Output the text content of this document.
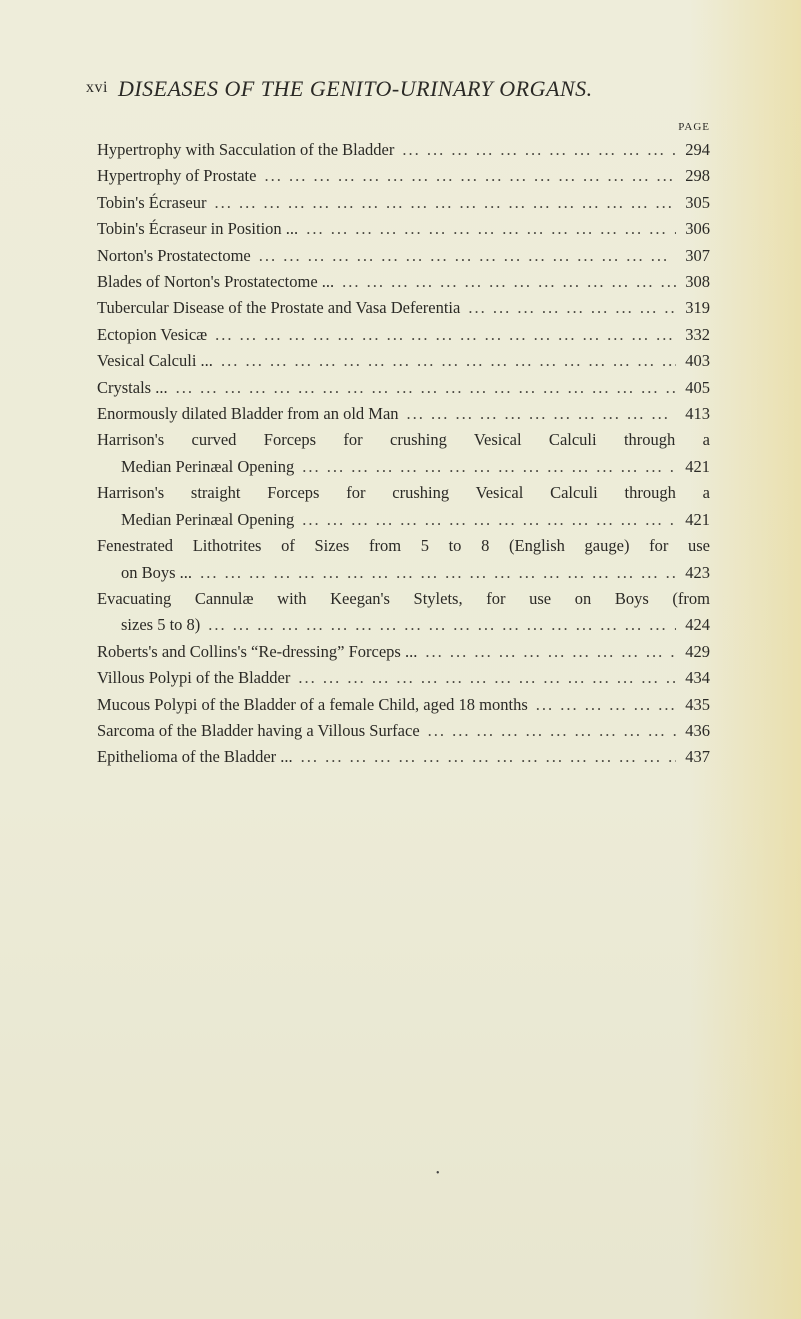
xvi DISEASES OF THE GENITO-URINARY ORGANS.
PAGE
Hypertrophy with Sacculation of the Bladder ... .	294
Hypertrophy of Prostate ... .	298
Tobin's Écraseur ... .	305
Tobin's Écraseur in Position ... ... .	306
Norton's Prostatectome ... .	307
Blades of Norton's Prostatectome ... ... .	308
Tubercular Disease of the Prostate and Vasa Deferentia ... .	319
Ectopion Vesicæ ... .	332
Vesical Calculi ... ... .	403
Crystals ... ... .	405
Enormously dilated Bladder from an old Man ... .	413
Harrison's curved Forceps for crushing Vesical Calculi through a
Median Perinæal Opening ... .	421
Harrison's straight Forceps for crushing Vesical Calculi through a
Median Perinæal Opening ... .	421
Fenestrated Lithotrites of Sizes from 5 to 8 (English gauge) for use
on Boys ... ... .	423
Evacuating Cannulæ with Keegan's Stylets, for use on Boys (from
sizes 5 to 8) ... .	424
Roberts's and Collins's “Re-dressing” Forceps ... ... .	429
Villous Polypi of the Bladder ... .	434
Mucous Polypi of the Bladder of a female Child, aged 18 months ... .	435
Sarcoma of the Bladder having a Villous Surface ... .	436
Epithelioma of the Bladder ... ... .	437
•
